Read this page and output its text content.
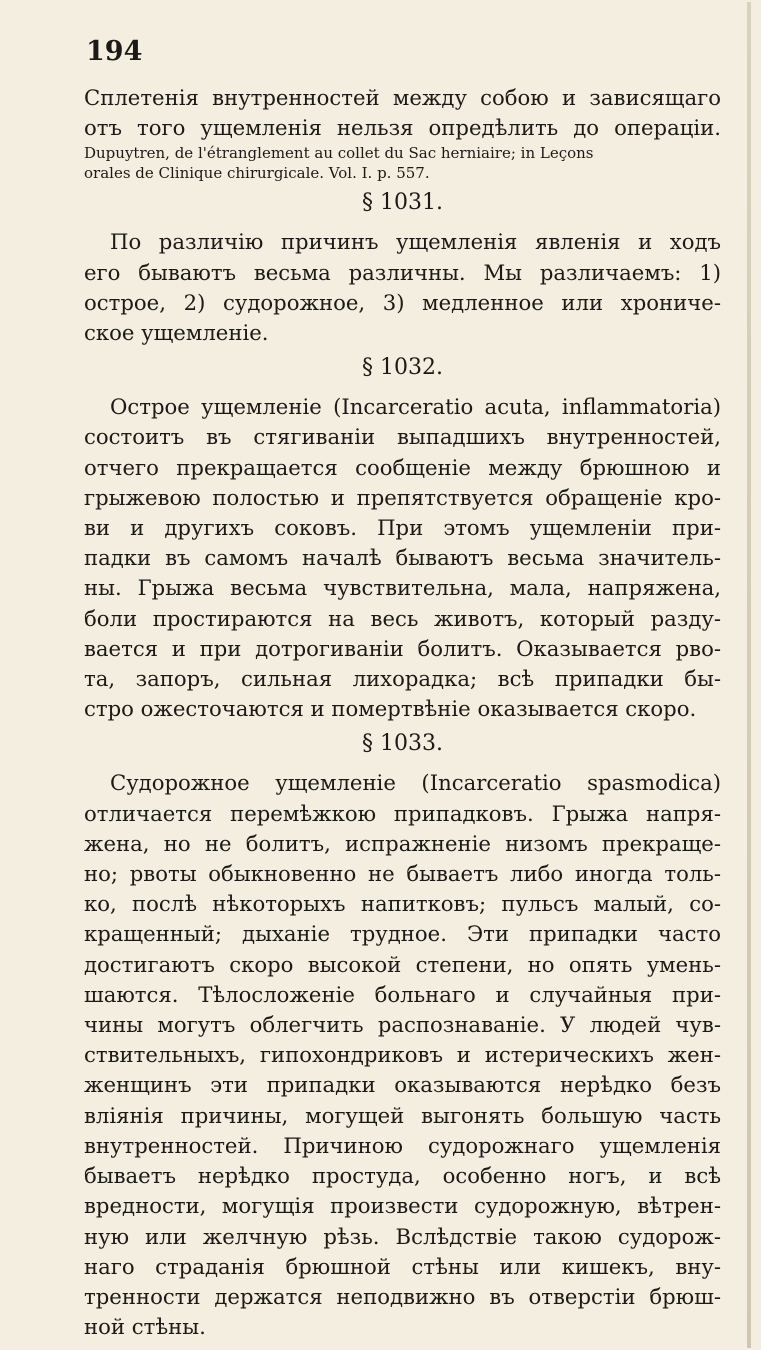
194
Сплетенія внутренностей между собою и зависящаго
отъ того ущемленія нельзя опредѣлить до операціи.
Dupuytren, de l'étranglement au collet du Sac herniaire; in Leçons
orales de Clinique chirurgicale. Vol. I. p. 557.
§ 1031.
По различію причинъ ущемленія явленія и ходъ
его бываютъ весьма различны. Мы различаемъ: 1)
острое, 2) судорожное, 3) медленное или хрониче-
ское ущемленіе.
§ 1032.
Острое ущемленіе (Incarceratio acuta, inflammatoria)
состоитъ въ стягиваніи выпадшихъ внутренностей,
отчего прекращается сообщеніе между брюшною и
грыжевою полостью и препятствуется обращеніе кро-
ви и другихъ соковъ. При этомъ ущемленіи при-
падки въ самомъ началѣ бываютъ весьма значитель-
ны. Грыжа весьма чувствительна, мала, напряжена,
боли простираются на весь животъ, который разду-
вается и при дотрогиваніи болитъ. Оказывается рво-
та, запоръ, сильная лихорадка; всѣ припадки бы-
стро ожесточаются и помертвѣніе оказывается скоро.
§ 1033.
Судорожное ущемленіе (Incarceratio spasmodica)
отличается перемѣжкою припадковъ. Грыжа напря-
жена, но не болитъ, испражненіе низомъ прекраще-
но; рвоты обыкновенно не бываетъ либо иногда толь-
ко, послѣ нѣкоторыхъ напитковъ; пульсъ малый, со-
кращенный; дыханіе трудное. Эти припадки часто
достигаютъ скоро высокой степени, но опять умень-
шаются. Тѣлосложеніе больнаго и случайныя при-
чины могутъ облегчить распознаваніе. У людей чув-
ствительныхъ, гипохондриковъ и истерическихъ жен-
женщинъ эти припадки оказываются нерѣдко безъ
вліянія причины, могущей выгонять большую часть
внутренностей. Причиною судорожнаго ущемленія
бываетъ нерѣдко простуда, особенно ногъ, и всѣ
вредности, могущія произвести судорожную, вѣтрен-
ную или желчную рѣзь. Вслѣдствіе такою судорож-
наго страданія брюшной стѣны или кишекъ, вну-
тренности держатся неподвижно въ отверстіи брюш-
ной стѣны.
